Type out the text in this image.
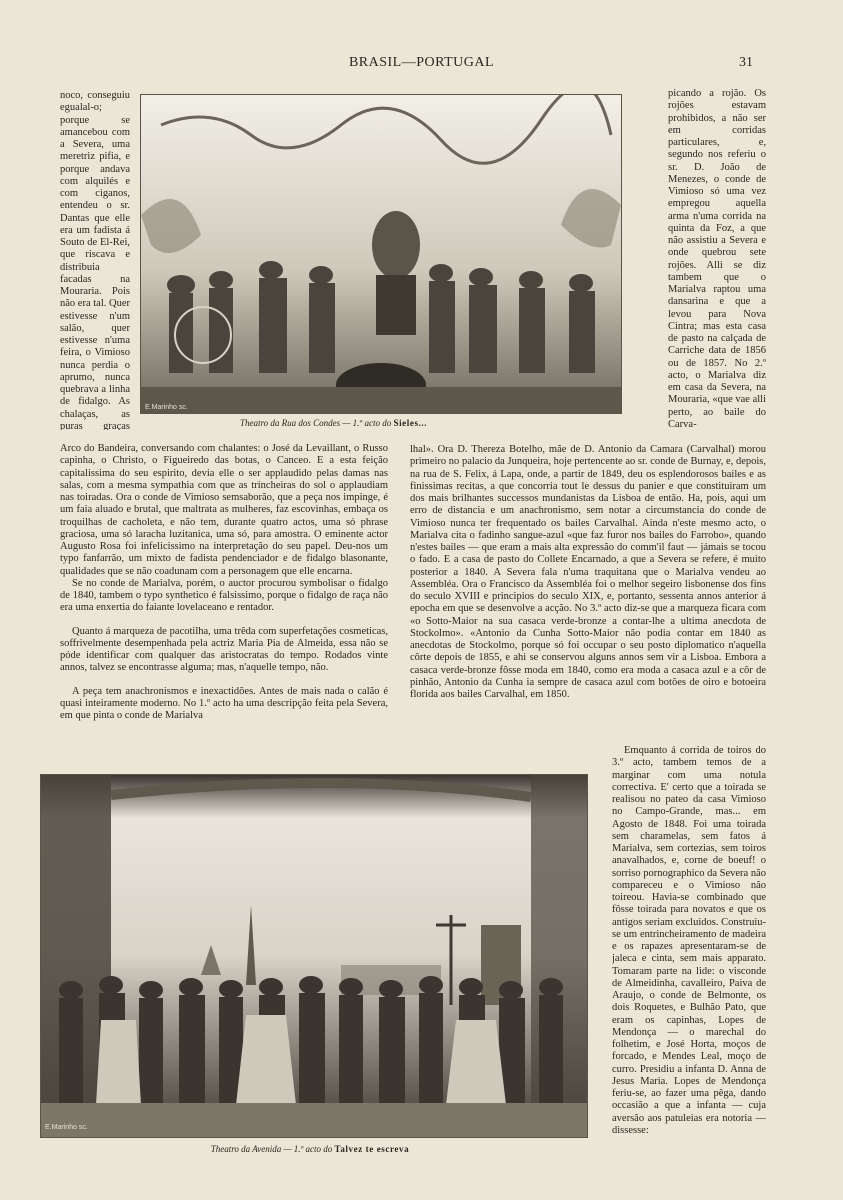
BRASIL—PORTUGAL	31

noco, conseguiu egualal-o; porque se amancebou com a Severa, uma meretriz pifia, e porque andava com alquilés e com ciganos, entendeu o sr. Dantas que elle era um fadista á Souto de El-Rei, que riscava e distribuia facadas na Mouraria. Pois não era tal. Quer estivesse n'um salão, quer estivesse n'uma feira, o Vimioso nunca perdia o aprumo, nunca quebrava a linha de fidalgo. As chalaças, as puras graças

E.Marinho sc.
Theatro da Rua dos Condes — 1.º acto do Sieles...

picando a rojão. Os rojões estavam prohibidos, a não ser em corridas particulares, e, segundo nos referiu o sr. D. João de Menezes, o conde de Vimioso só uma vez empregou aquella arma n'uma corrida na quinta da Foz, a que não assistiu a Severa e onde quebrou sete rojões. Alli se diz tambem que o Marialva raptou uma dansarina e que a levou para Nova Cintra; mas esta casa de pasto na calçada de Carriche data de 1856 ou de 1857. No 2.º acto, o Marialva diz em casa da Severa, na Mouraria, «que vae alli perto, ao baile do Carva-

Arco do Bandeira, conversando com chalantes: o José da Levaillant, o Russo capinha, o Christo, o Figueiredo das botas, o Canceo. E a esta feição capitalissima do seu espirito, devia elle o ser applaudido pelas damas nas salas, com a mesma sympathia com que as trincheiras do sol o applaudiam nas toiradas. Ora o conde de Vimioso semsaborão, que a peça nos impinge, é um faia aluado e brutal, que maltrata as mulheres, faz escovinhas, embaça os troquilhas de cacholeta, e não tem, durante quatro actos, uma só phrase graciosa, uma só laracha luzitanica, uma só, para amostra. O eminente actor Augusto Rosa foi infelicissimo na interpretação do seu papel. Deu-nos um typo fanfarrão, um mixto de fadista pendenciador e de fidalgo blasonante, qualidades que se não coadunam com a personagem que elle encarna.

Se no conde de Marialva, porém, o auctor procurou symbolisar o fidalgo de 1840, tambem o typo synthetico é falsissimo, porque o fidalgo de raça não era uma enxertia do faiante lovelaceano e rentador.

Quanto á marqueza de pacotilha, uma trêda com superfetações cosmeticas, soffrivelmente desempenhada pela actriz Maria Pia de Almeida, essa não se póde identificar com qualquer das aristocratas do tempo. Rodados vinte annos, talvez se encontrasse alguma; mas, n'aquelle tempo, não.

A peça tem anachronismos e inexactidões. Antes de mais nada o calão é quasi inteiramente moderno. No 1.º acto ha uma descripção feita pela Severa, em que pinta o conde de Marialva

lhal». Ora D. Thereza Botelho, mãe de D. Antonio da Camara (Carvalhal) morou primeiro no palacio da Junqueira, hoje pertencente ao sr. conde de Burnay, e, depois, na rua de S. Felix, á Lapa, onde, a partir de 1849, deu os esplendorosos bailes e as finissimas recitas, a que concorria tout le dessus du panier e que constituiram um dos mais brilhantes successos mundanistas da Lisboa de então. Ha, pois, aqui um erro de distancia e um anachronismo, sem notar a circumstancia do conde de Vimioso nunca ter frequentado os bailes Carvalhal. Ainda n'este mesmo acto, o Marialva cita o fadinho sangue-azul «que faz furor nos bailes do Farrobo», quando n'estes bailes — que eram a mais alta expressão do comm'il faut — jámais se tocou o fado. E a casa de pasto do Collete Encarnado, a que a Severa se refere, é muito posterior a 1840. A Severa fala n'uma traquitana que o Marialva vendeu ao Assembléa. Ora o Francisco da Assembléa foi o melhor segeiro lisbonense dos fins do seculo XVIII e principios do seculo XIX, e, portanto, sessenta annos anterior á epocha em que se desenvolve a acção. No 3.º acto diz-se que a marqueza ficara com «o Sotto-Maior na sua casaca verde-bronze a contar-lhe a ultima anecdota de Stockolmo». «Antonio da Cunha Sotto-Maior não podia contar em 1840 as anecdotas de Stockolmo, porque só foi occupar o seu posto diplomatico n'aquella côrte depois de 1855, e ahi se conservou alguns annos sem vir a Lisboa. Embora a casaca verde-bronze fôsse moda em 1840, como era moda a casaca azul e a côr de pinhão, Antonio da Cunha ia sempre de casaca azul com botões de oiro e botoeira florida aos bailes Carvalhal, em 1850.

E.Marinho sc.
Theatro da Avenida — 1.º acto do Talvez te escreva

Emquanto á corrida de toiros do 3.º acto, tambem temos de a marginar com uma notula correctiva. E' certo que a toirada se realisou no pateo da casa Vimioso no Campo-Grande, mas... em Agosto de 1848. Foi uma toirada sem charamelas, sem fatos á Marialva, sem cortezias, sem toiros anavalhados, e, corne de boeuf! o sorriso pornographico da Severa não compareceu e o Vimioso não toireou. Havia-se combinado que fôsse toirada para novatos e que os antigos seriam excluidos. Construiu-se um entrincheiramento de madeira e os rapazes apresentaram-se de jaleca e cinta, sem mais apparato. Tomaram parte na lide: o visconde de Almeidinha, cavalleiro, Paiva de Araujo, o conde de Belmonte, os dois Roquetes, e Bulhão Pato, que eram os capinhas, Lopes de Mendonça — o marechal do folhetim, e José Horta, moços de forcado, e Mendes Leal, moço de curro. Presidiu a infanta D. Anna de Jesus Maria. Lopes de Mendonça feriu-se, ao fazer uma pêga, dando occasião a que a infanta — cuja aversão aos patuleias era notoria — dissesse:
